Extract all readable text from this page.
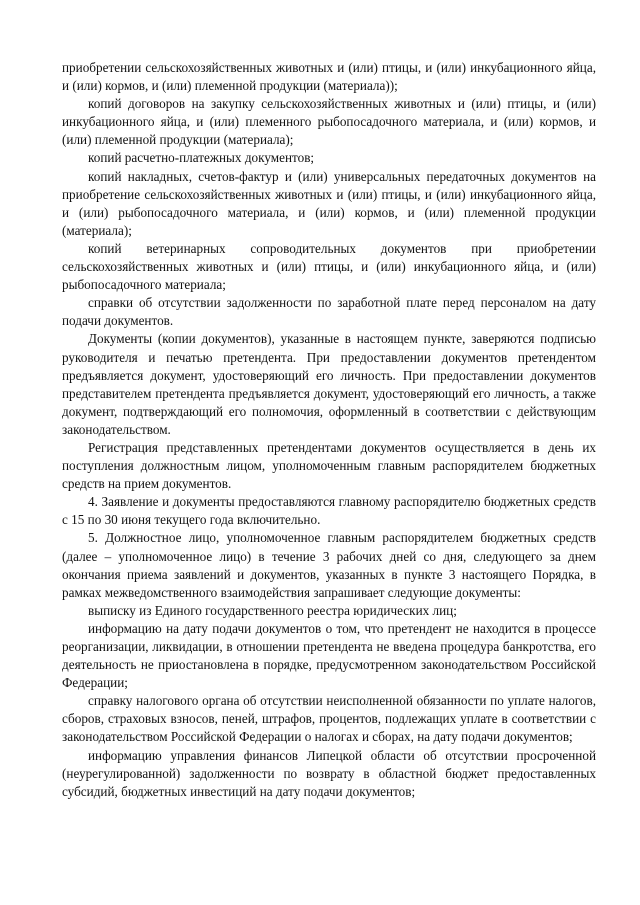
приобретении сельскохозяйственных животных и (или) птицы, и (или) инкубационного яйца, и (или) кормов, и (или) племенной продукции (материала));

копий договоров на закупку сельскохозяйственных животных и (или) птицы, и (или) инкубационного яйца, и (или) племенного рыбопосадочного материала, и (или) кормов, и (или) племенной продукции (материала);

копий расчетно-платежных документов;

копий накладных, счетов-фактур и (или) универсальных передаточных документов на приобретение сельскохозяйственных животных и (или) птицы, и (или) инкубационного яйца, и (или) рыбопосадочного материала, и (или) кормов, и (или) племенной продукции (материала);

копий ветеринарных сопроводительных документов при приобретении сельскохозяйственных животных и (или) птицы, и (или) инкубационного яйца, и (или) рыбопосадочного материала;

справки об отсутствии задолженности по заработной плате перед персоналом на дату подачи документов.

Документы (копии документов), указанные в настоящем пункте, заверяются подписью руководителя и печатью претендента. При предоставлении документов претендентом предъявляется документ, удостоверяющий его личность. При предоставлении документов представителем претендента предъявляется документ, удостоверяющий его личность, а также документ, подтверждающий его полномочия, оформленный в соответствии с действующим законодательством.

Регистрация представленных претендентами документов осуществляется в день их поступления должностным лицом, уполномоченным главным распорядителем бюджетных средств на прием документов.

4. Заявление и документы предоставляются главному распорядителю бюджетных средств с 15 по 30 июня текущего года включительно.

5. Должностное лицо, уполномоченное главным распорядителем бюджетных средств (далее – уполномоченное лицо) в течение 3 рабочих дней со дня, следующего за днем окончания приема заявлений и документов, указанных в пункте 3 настоящего Порядка, в рамках межведомственного взаимодействия запрашивает следующие документы:

выписку из Единого государственного реестра юридических лиц;

информацию на дату подачи документов о том, что претендент не находится в процессе реорганизации, ликвидации, в отношении претендента не введена процедура банкротства, его деятельность не приостановлена в порядке, предусмотренном законодательством Российской Федерации;

справку налогового органа об отсутствии неисполненной обязанности по уплате налогов, сборов, страховых взносов, пеней, штрафов, процентов, подлежащих уплате в соответствии с законодательством Российской Федерации о налогах и сборах, на дату подачи документов;

информацию управления финансов Липецкой области об отсутствии просроченной (неурегулированной) задолженности по возврату в областной бюджет предоставленных субсидий, бюджетных инвестиций на дату подачи документов;
